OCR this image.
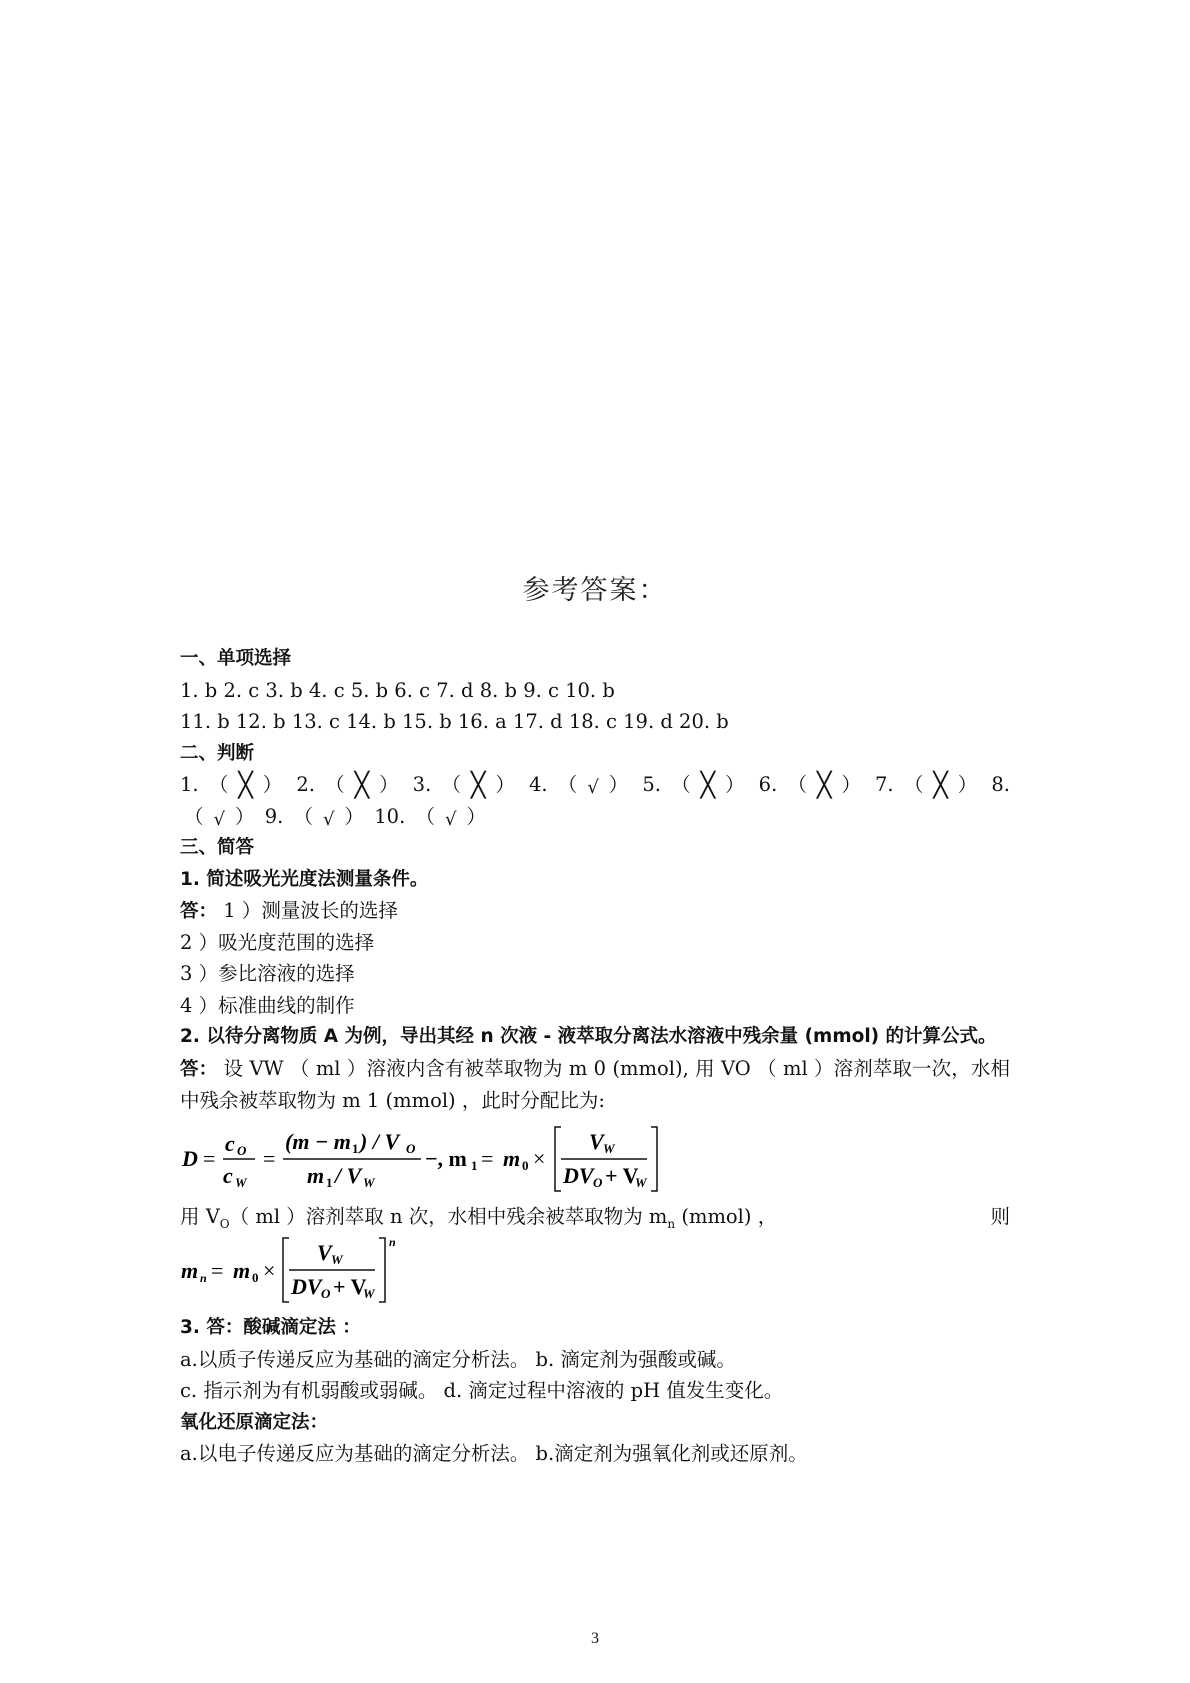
参考答案：
一、单项选择
1. b 2. c 3. b 4. c 5. b 6. c 7. d 8. b 9. c 10. b
11. b 12. b 13. c 14. b 15. b 16. a 17. d 18. c 19. d 20. b
二、判断
1. （ ╳ ） 2. （ ╳ ） 3. （ ╳ ） 4. （ √ ） 5. （ ╳ ） 6. （ ╳ ） 7. （ ╳ ） 8.
（ √ ） 9. （ √ ） 10. （ √ ）
三、简答
1. 简述吸光光度法测量条件。
答： 1 ）测量波长的选择
2 ）吸光度范围的选择
3 ）参比溶液的选择
4 ）标准曲线的制作
2. 以待分离物质 A 为例，导出其经 n 次液 - 液萃取分离法水溶液中残余量 (mmol) 的计算公式。
答： 设 VW （ ml ）溶液内含有被萃取物为 m 0 (mmol), 用 VO （ ml ）溶剂萃取一次，水相中残余被萃取物为 m 1 (mmol) ，此时分配比为:
D =
c O
c W
=
(m − m 1 ) / V O
m 1 / V W
−, m 1 = m 0 ×
V W
DV O + V
W
用 $V_O$（ ml ）溶剂萃取 n 次，水相中残余被萃取物为 $m_n$ (mmol) ，	则
m n = m 0 ×
V W
DV O + V
W
n
3. 答：酸碱滴定法 ：
a.以质子传递反应为基础的滴定分析法。 b. 滴定剂为强酸或碱。
c. 指示剂为有机弱酸或弱碱。 d. 滴定过程中溶液的 pH 值发生变化。
氧化还原滴定法：
a.以电子传递反应为基础的滴定分析法。 b.滴定剂为强氧化剂或还原剂。
3
